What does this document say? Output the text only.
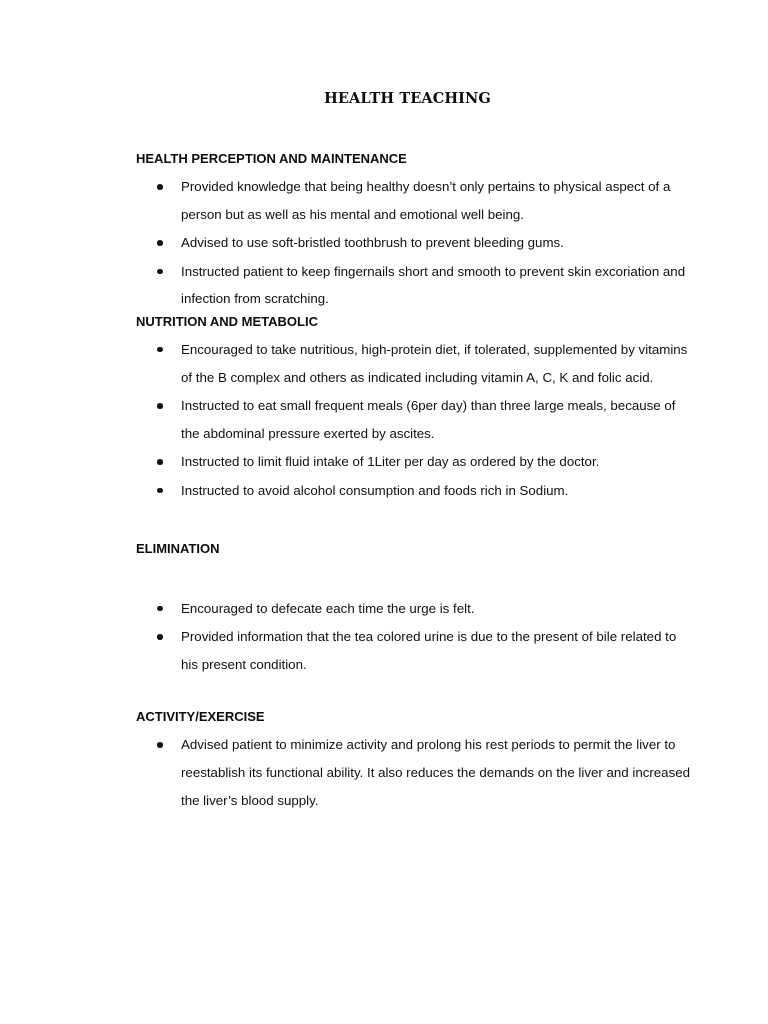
HEALTH TEACHING
HEALTH PERCEPTION AND MAINTENANCE
Provided knowledge that being healthy doesn’t only pertains to physical aspect of a person but as well as his mental and emotional well being.
Advised to use soft-bristled toothbrush to prevent bleeding gums.
Instructed patient to keep fingernails short and smooth to prevent skin excoriation and infection from scratching.
NUTRITION AND METABOLIC
Encouraged to take nutritious, high-protein diet, if tolerated, supplemented by vitamins of the B complex and others as indicated including vitamin A, C, K and folic acid.
Instructed to eat small frequent meals (6per day) than three large meals, because of the abdominal pressure exerted by ascites.
Instructed to limit fluid intake of 1Liter per day as ordered by the doctor.
Instructed to avoid alcohol consumption and foods rich in Sodium.
ELIMINATION
Encouraged to defecate each time the urge is felt.
Provided information that the tea colored urine is due to the present of bile related to his present condition.
ACTIVITY/EXERCISE
Advised patient to minimize activity and prolong his rest periods to permit the liver to reestablish its functional ability. It also reduces the demands on the liver and increased the liver’s blood supply.
